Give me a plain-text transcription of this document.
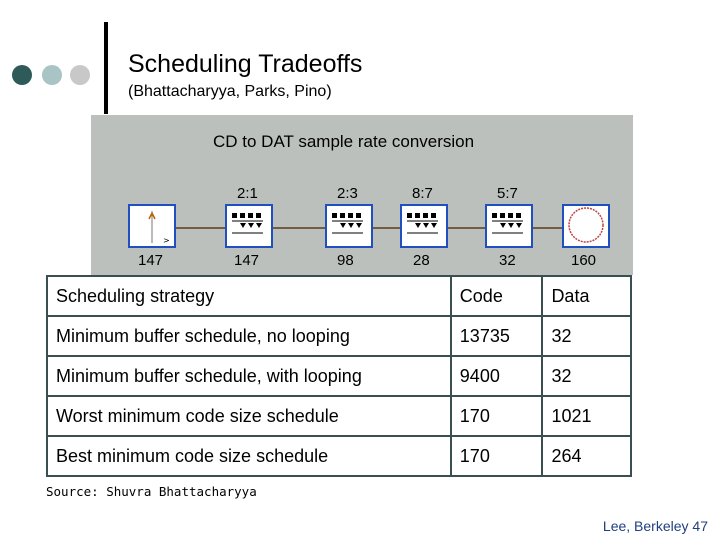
Scheduling Tradeoffs
(Bhattacharyya, Parks, Pino)
CD to DAT sample rate conversion
>
2:1	2:3	8:7	5:7
147	147	98	28	32	160
Scheduling strategy	Code	Data
Minimum buffer schedule, no looping	13735	32
Minimum buffer schedule, with looping	9400	32
Worst minimum code size schedule	170	1021
Best minimum code size schedule	170	264
Source: Shuvra Bhattacharyya
Lee, Berkeley 47
